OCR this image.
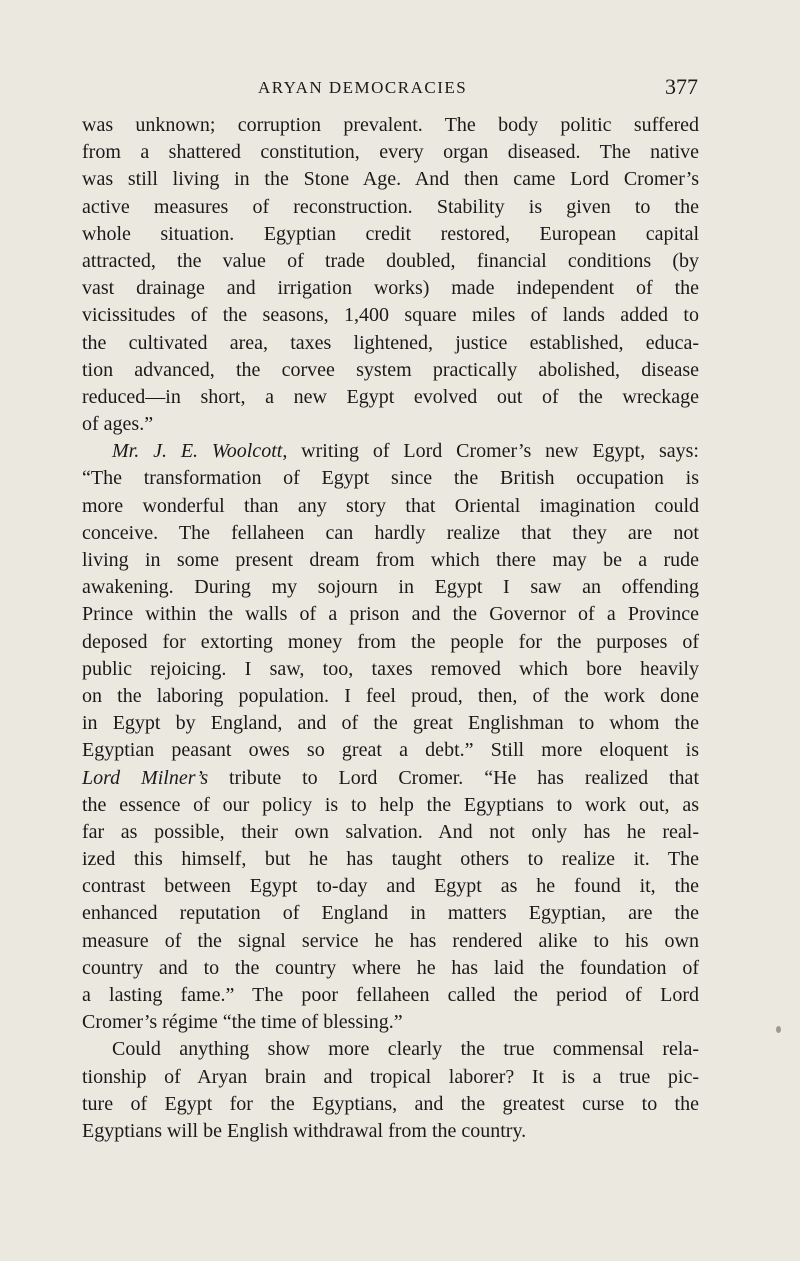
ARYAN DEMOCRACIES	377
was unknown; corruption prevalent. The body politic suffered
from a shattered constitution, every organ diseased. The native
was still living in the Stone Age. And then came Lord Cromer’s
active measures of reconstruction. Stability is given to the
whole situation. Egyptian credit restored, European capital
attracted, the value of trade doubled, financial conditions (by
vast drainage and irrigation works) made independent of the
vicissitudes of the seasons, 1,400 square miles of lands added to
the cultivated area, taxes lightened, justice established, educa-
tion advanced, the corvee system practically abolished, disease
reduced—in short, a new Egypt evolved out of the wreckage
of ages.”
Mr. J. E. Woolcott, writing of Lord Cromer’s new Egypt, says:
“The transformation of Egypt since the British occupation is
more wonderful than any story that Oriental imagination could
conceive. The fellaheen can hardly realize that they are not
living in some present dream from which there may be a rude
awakening. During my sojourn in Egypt I saw an offending
Prince within the walls of a prison and the Governor of a Province
deposed for extorting money from the people for the purposes of
public rejoicing. I saw, too, taxes removed which bore heavily
on the laboring population. I feel proud, then, of the work done
in Egypt by England, and of the great Englishman to whom the
Egyptian peasant owes so great a debt.” Still more eloquent is
Lord Milner’s tribute to Lord Cromer. “He has realized that
the essence of our policy is to help the Egyptians to work out, as
far as possible, their own salvation. And not only has he real-
ized this himself, but he has taught others to realize it. The
contrast between Egypt to-day and Egypt as he found it, the
enhanced reputation of England in matters Egyptian, are the
measure of the signal service he has rendered alike to his own
country and to the country where he has laid the foundation of
a lasting fame.” The poor fellaheen called the period of Lord
Cromer’s régime “the time of blessing.”
Could anything show more clearly the true commensal rela-
tionship of Aryan brain and tropical laborer? It is a true pic-
ture of Egypt for the Egyptians, and the greatest curse to the
Egyptians will be English withdrawal from the country.
